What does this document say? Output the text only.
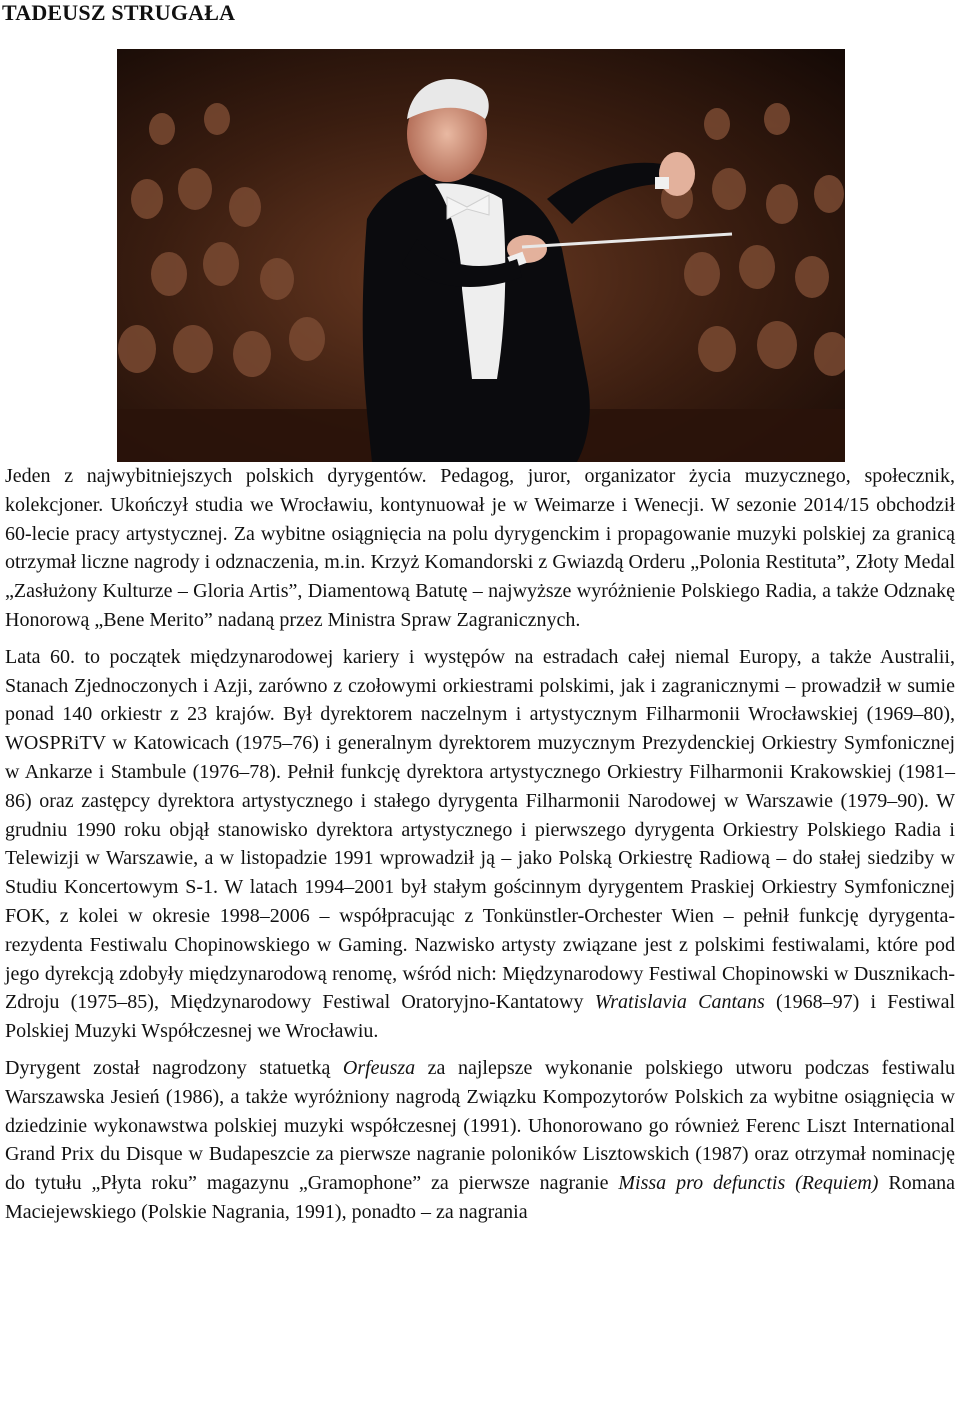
TADEUSZ STRUGAŁA

Jeden z najwybitniejszych polskich dyrygentów. Pedagog, juror, organizator życia muzycznego, społecznik, kolekcjoner. Ukończył studia we Wrocławiu, kontynuował je w Weimarze i Wenecji. W sezonie 2014/15 obchodził 60-lecie pracy artystycznej. Za wybitne osiągnięcia na polu dyrygenckim i propagowanie muzyki polskiej za granicą otrzymał liczne nagrody i odznaczenia, m.in. Krzyż Komandorski z Gwiazdą Orderu „Polonia Restituta”, Złoty Medal „Zasłużony Kulturze – Gloria Artis”, Diamentową Batutę – najwyższe wyróżnienie Polskiego Radia, a także Odznakę Honorową „Bene Merito” nadaną przez Ministra Spraw Zagranicznych.

Lata 60. to początek międzynarodowej kariery i występów na estradach całej niemal Europy, a także Australii, Stanach Zjednoczonych i Azji, zarówno z czołowymi orkiestrami polskimi, jak i zagranicznymi – prowadził w sumie ponad 140 orkiestr z 23 krajów. Był dyrektorem naczelnym i artystycznym Filharmonii Wrocławskiej (1969–80), WOSPRiTV w Katowicach (1975–76) i generalnym dyrektorem muzycznym Prezydenckiej Orkiestry Symfonicznej w Ankarze i Stambule (1976–78). Pełnił funkcję dyrektora artystycznego Orkiestry Filharmonii Krakowskiej (1981–86) oraz zastępcy dyrektora artystycznego i stałego dyrygenta Filharmonii Narodowej w Warszawie (1979–90). W grudniu 1990 roku objął stanowisko dyrektora artystycznego i pierwszego dyrygenta Orkiestry Polskiego Radia i Telewizji w Warszawie, a w listopadzie 1991 wprowadził ją – jako Polską Orkiestrę Radiową – do stałej siedziby w Studiu Koncertowym S-1. W latach 1994–2001 był stałym gościnnym dyrygentem Praskiej Orkiestry Symfonicznej FOK, z kolei w okresie 1998–2006 – współpracując z Tonkünstler-Orchester Wien – pełnił funkcję dyrygenta-rezydenta Festiwalu Chopinowskiego w Gaming. Nazwisko artysty związane jest z polskimi festiwalami, które pod jego dyrekcją zdobyły międzynarodową renomę, wśród nich: Międzynarodowy Festiwal Chopinowski w Dusznikach-Zdroju (1975–85), Międzynarodowy Festiwal Oratoryjno-Kantatowy Wratislavia Cantans (1968–97) i Festiwal Polskiej Muzyki Współczesnej we Wrocławiu.

Dyrygent został nagrodzony statuetką Orfeusza za najlepsze wykonanie polskiego utworu podczas festiwalu Warszawska Jesień (1986), a także wyróżniony nagrodą Związku Kompozytorów Polskich za wybitne osiągnięcia w dziedzinie wykonawstwa polskiej muzyki współczesnej (1991). Uhonorowano go również Ferenc Liszt International Grand Prix du Disque w Budapeszcie za pierwsze nagranie poloników Lisztowskich (1987) oraz otrzymał nominację do tytułu „Płyta roku” magazynu „Gramophone” za pierwsze nagranie Missa pro defunctis (Requiem) Romana Maciejewskiego (Polskie Nagrania, 1991), ponadto – za nagrania
